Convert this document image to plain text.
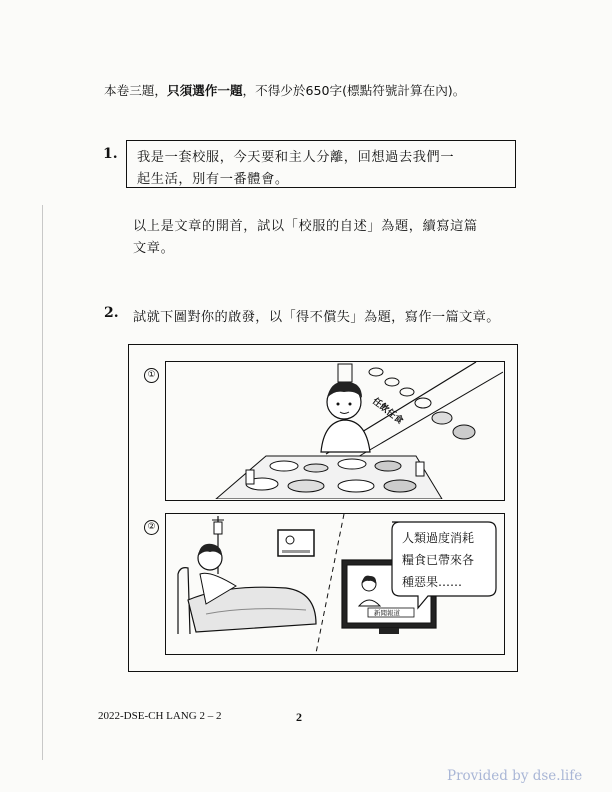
本卷三題，只須選作一題，不得少於650字(標點符號計算在內)。
1. 我是一套校服，今天要和主人分離，回想過去我們一
起生活，別有一番體會。
以上是文章的開首，試以「校服的自述」為題，續寫這篇
文章。
2. 試就下圖對你的啟發，以「得不償失」為題，寫作一篇文章。
①
任飲任食
②
新聞報道
人類過度消耗
糧食已帶來各
種惡果……
2022-DSE-CH LANG 2 – 2	2
Provided by dse.life
